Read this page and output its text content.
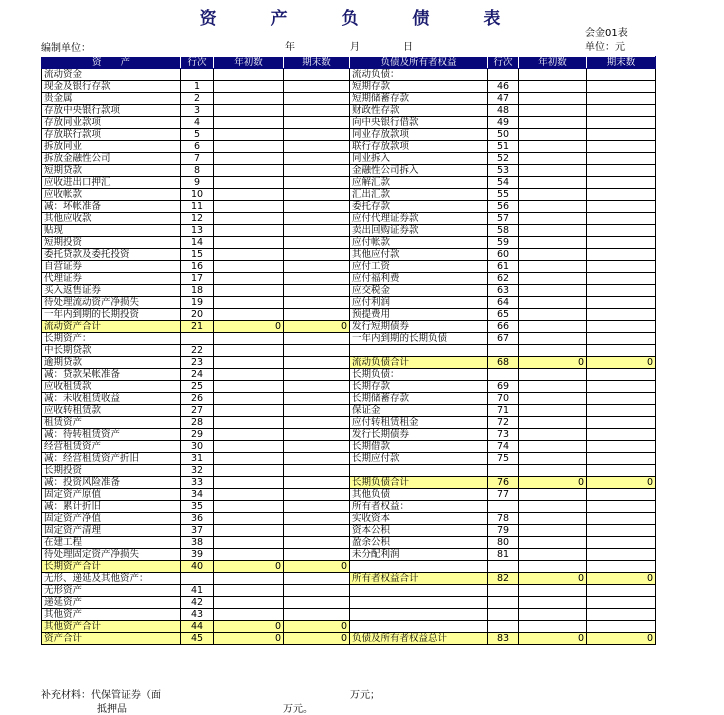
资 产 负 债 表
会金01表
单位：元
编制单位：	年	月	日
资　　产	行次	年初数	期末数	负债及所有者权益	行次	年初数	期末数
流动资金				流动负债：			
现金及银行存款	1			短期存款	46		
贵金属	2			短期储蓄存款	47		
存放中央银行款项	3			财政性存款	48		
存放同业款项	4			向中央银行借款	49		
存放联行款项	5			同业存放款项	50		
拆放同业	6			联行存放款项	51		
拆放金融性公司	7			同业拆入	52		
短期贷款	8			金融性公司拆入	53		
应收进出口押汇	9			应解汇款	54		
应收帐款	10			汇出汇款	55		
减：坏帐准备	11			委托存款	56		
其他应收款	12			应付代理证券款	57		
贴现	13			卖出回购证券款	58		
短期投资	14			应付帐款	59		
委托贷款及委托投资	15			其他应付款	60		
自营证券	16			应付工资	61		
代理证券	17			应付福利费	62		
买入返售证券	18			应交税金	63		
待处理流动资产净损失	19			应付利润	64		
一年内到期的长期投资	20			预提费用	65		
流动资产合计	21	0	0	发行短期债券	66		
长期资产：				一年内到期的长期负债	67		
中长期贷款	22						
逾期贷款	23			流动负债合计	68	0	0
减：贷款呆帐准备	24			长期负债：			
应收租赁款	25			长期存款	69		
减：未收租赁收益	26			长期储蓄存款	70		
应收转租赁款	27			保证金	71		
租赁资产	28			应付转租赁租金	72		
减：待转租赁资产	29			发行长期债券	73		
经营租赁资产	30			长期借款	74		
减：经营租赁资产折旧	31			长期应付款	75		
长期投资	32						
减：投资风险准备	33			长期负债合计	76	0	0
固定资产原值	34			其他负债	77		
减：累计折旧	35			所有者权益：			
固定资产净值	36			实收资本	78		
固定资产清理	37			资本公积	79		
在建工程	38			盈余公积	80		
待处理固定资产净损失	39			未分配利润	81		
长期资产合计	40	0	0				
无形、递延及其他资产：				所有者权益合计	82	0	0
无形资产	41						
递延资产	42						
其他资产	43						
其他资产合计	44	0	0				
资产合计	45	0	0	负债及所有者权益总计	83	0	0
补充材料：代保管证券（面	万元；
抵押品	万元。
